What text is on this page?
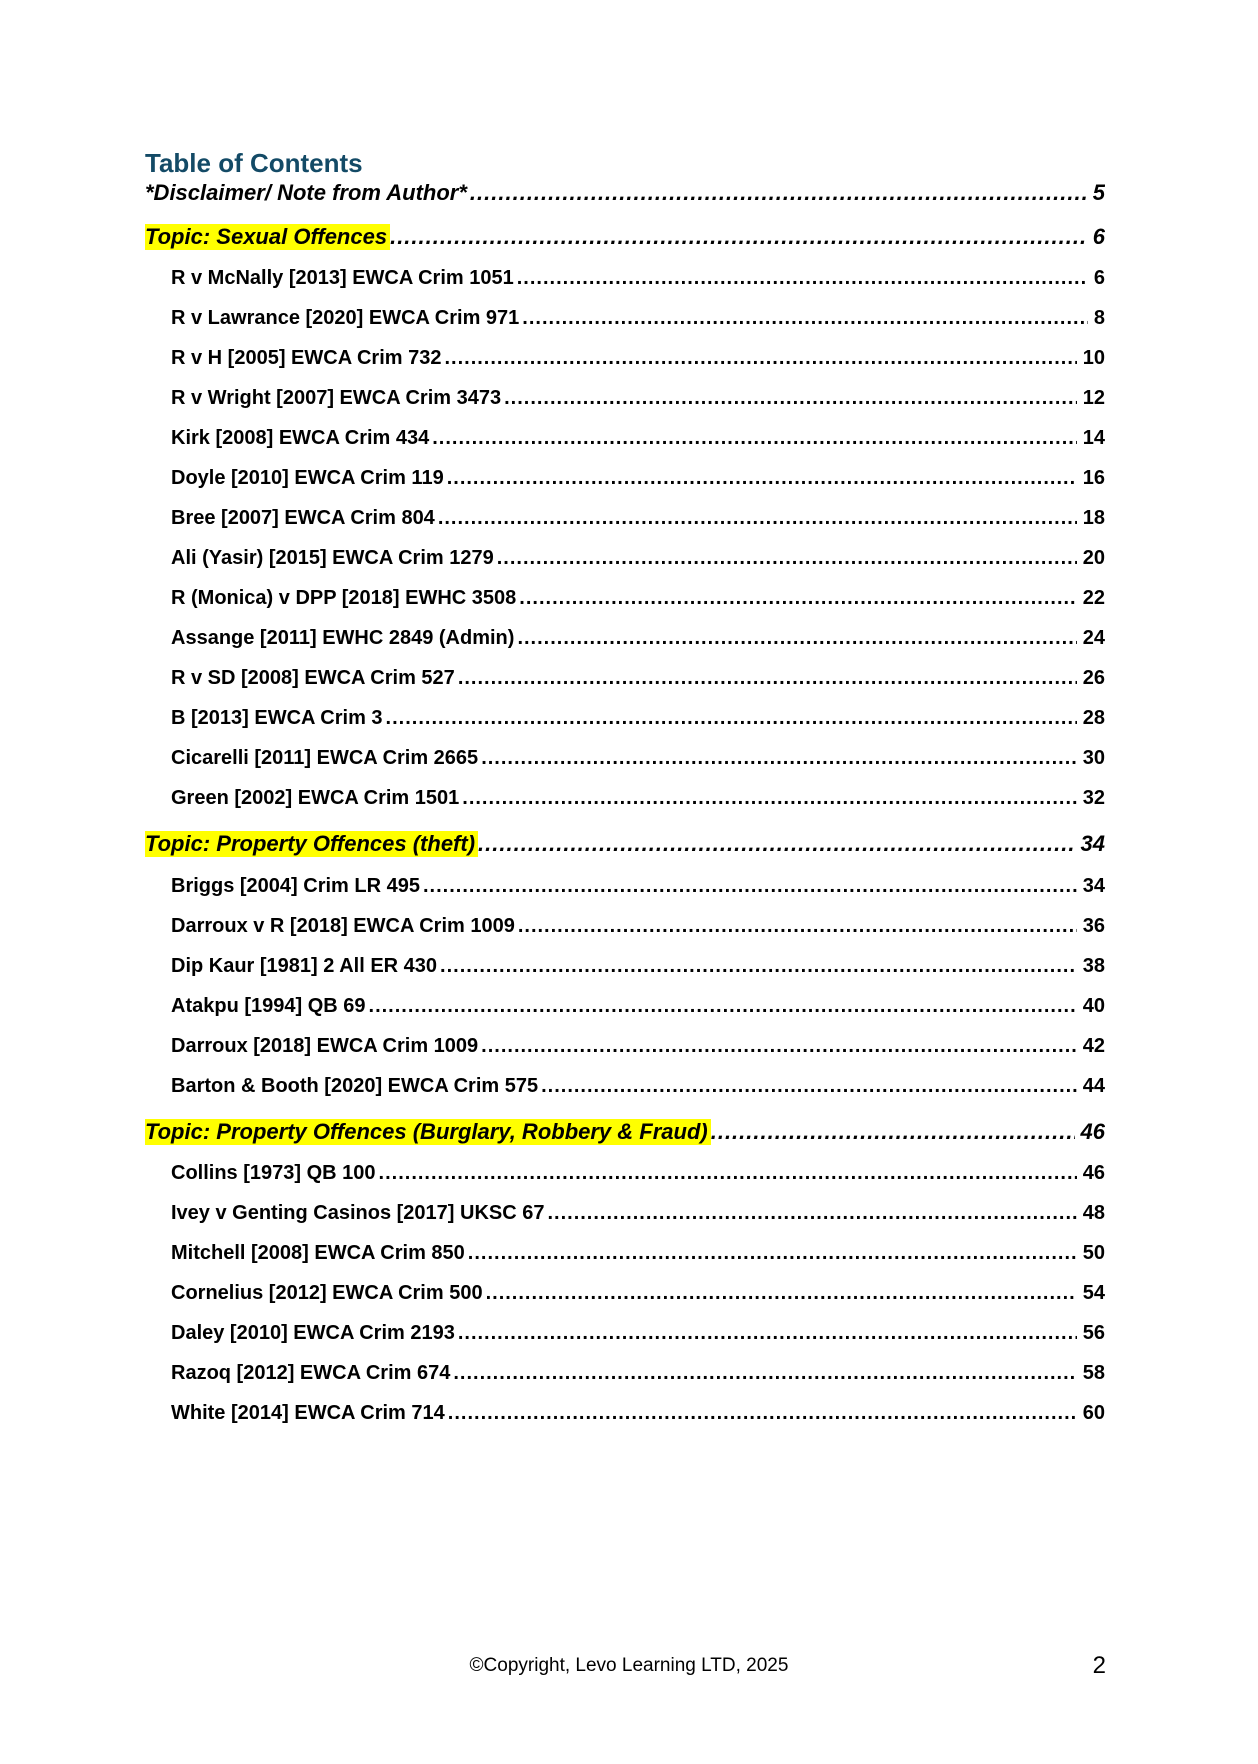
Table of Contents
*Disclaimer/ Note from Author* .....	5
Topic: Sexual Offences .....	6
R v McNally [2013] EWCA Crim 1051 .....	6
R v Lawrance [2020] EWCA Crim 971 .....	8
R v H [2005] EWCA Crim 732 .....	10
R v Wright [2007] EWCA Crim 3473 .....	12
Kirk [2008] EWCA Crim 434 .....	14
Doyle [2010] EWCA Crim 119 .....	16
Bree [2007] EWCA Crim 804 .....	18
Ali (Yasir) [2015] EWCA Crim 1279 .....	20
R (Monica) v DPP [2018] EWHC 3508 .....	22
Assange [2011] EWHC 2849 (Admin) .....	24
R v SD [2008] EWCA Crim 527 .....	26
B [2013] EWCA Crim 3 .....	28
Cicarelli [2011] EWCA Crim 2665 .....	30
Green [2002] EWCA Crim 1501 .....	32
Topic: Property Offences (theft) .....	34
Briggs [2004] Crim LR 495 .....	34
Darroux v R [2018] EWCA Crim 1009 .....	36
Dip Kaur [1981] 2 All ER 430 .....	38
Atakpu [1994] QB 69 .....	40
Darroux [2018] EWCA Crim 1009 .....	42
Barton & Booth [2020] EWCA Crim 575 .....	44
Topic: Property Offences (Burglary, Robbery & Fraud) .....	46
Collins [1973] QB 100 .....	46
Ivey v Genting Casinos [2017] UKSC 67 .....	48
Mitchell [2008] EWCA Crim 850 .....	50
Cornelius [2012] EWCA Crim 500 .....	54
Daley [2010] EWCA Crim 2193 .....	56
Razoq [2012] EWCA Crim 674 .....	58
White [2014] EWCA Crim 714 .....	60
©Copyright, Levo Learning LTD, 2025	2
